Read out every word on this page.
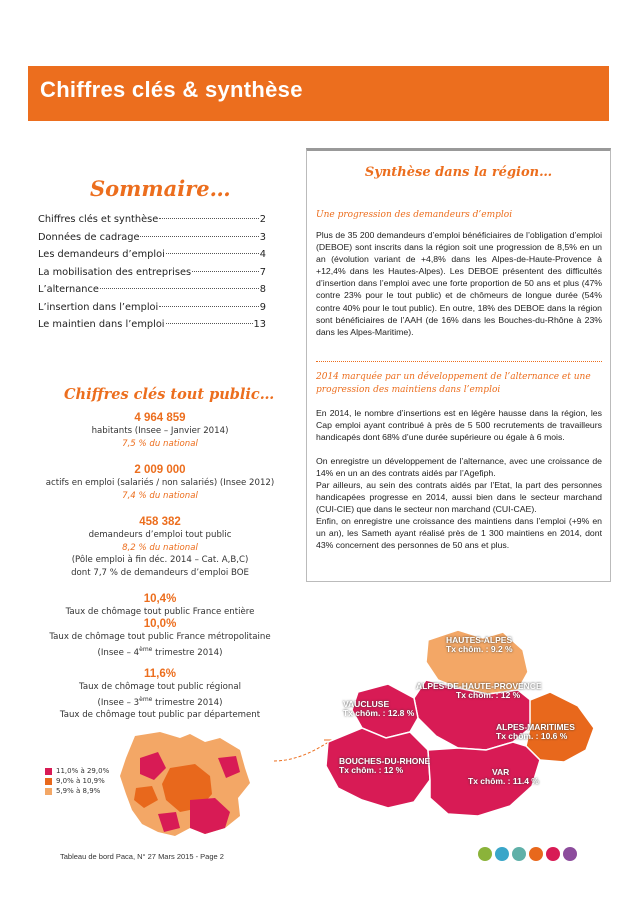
Chiffres clés & synthèse
Sommaire…
Chiffres clés et synthèse	2
Données de cadrage	3
Les demandeurs d’emploi	4
La mobilisation des entreprises	7
L’alternance	8
L’insertion dans l’emploi	9
Le maintien dans l’emploi	13
Chiffres clés tout public…
4 964 859
habitants (Insee – Janvier 2014)
7,5 % du national
2 009 000
actifs en emploi (salariés / non salariés) (Insee 2012)
7,4 % du national
458 382
demandeurs d’emploi tout public
8,2 % du national
(Pôle emploi à fin déc. 2014 – Cat. A,B,C)
dont 7,7 % de demandeurs d’emploi BOE
10,4%
Taux de chômage tout public France entière
10,0%
Taux de chômage tout public France métropolitaine
(Insee – 4ème trimestre 2014)
11,6%
Taux de chômage tout public régional
(Insee – 3ème trimestre 2014)
Taux de chômage tout public par département
11,0% à 29,0%
9,0% à 10,9%
5,9% à 8,9%
Synthèse dans la région…
Une progression des demandeurs d’emploi

Plus de 35 200 demandeurs d’emploi bénéficiaires de l’obligation d’emploi (DEBOE) sont inscrits dans la région soit une progression de 8,5% en un an (évolution variant de +4,8% dans les Alpes-de-Haute-Provence à +12,4% dans les Hautes-Alpes). Les DEBOE présentent des difficultés d’insertion dans l’emploi avec une forte proportion de 50 ans et plus (47% contre 23% pour le tout public) et de chômeurs de longue durée (54% contre 40% pour le tout public). En outre, 18% des DEBOE dans la région sont bénéficiaires de l’AAH (de 16% dans les Bouches-du-Rhône à 23% dans les Alpes-Maritime).

2014 marquée par un développement de l’alternance et une progression des maintiens dans l’emploi

En 2014, le nombre d’insertions est en légère hausse dans la région, les Cap emploi ayant contribué à près de 5 500 recrutements de travailleurs handicapés dont 68% d’une durée supérieure ou égale à 6 mois.

On enregistre un développement de l’alternance, avec une croissance de 14% en un an des contrats aidés par l’Agefiph.

Par ailleurs, au sein des contrats aidés par l’Etat, la part des personnes handicapées progresse en 2014, aussi bien dans le secteur marchand (CUI-CIE) que dans le secteur non marchand (CUI-CAE).

Enfin, on enregistre une croissance des maintiens dans l’emploi (+9% en un an), les Sameth ayant réalisé près de 1 300 maintiens en 2014, dont 43% concernent des personnes de 50 ans et plus.

HAUTES-ALPES
Tx chôm. : 9.2 %
ALPES-DE-HAUTE-PROVENCE
Tx chôm. : 12 %
VAUCLUSE
Tx chôm. : 12.8 %
ALPES-MARITIMES
Tx chôm. : 10.6 %
BOUCHES-DU-RHONE
Tx chôm. : 12 %	VAR
Tx chôm. : 11.4 %
Tableau de bord Paca, N° 27 Mars 2015 - Page 2
